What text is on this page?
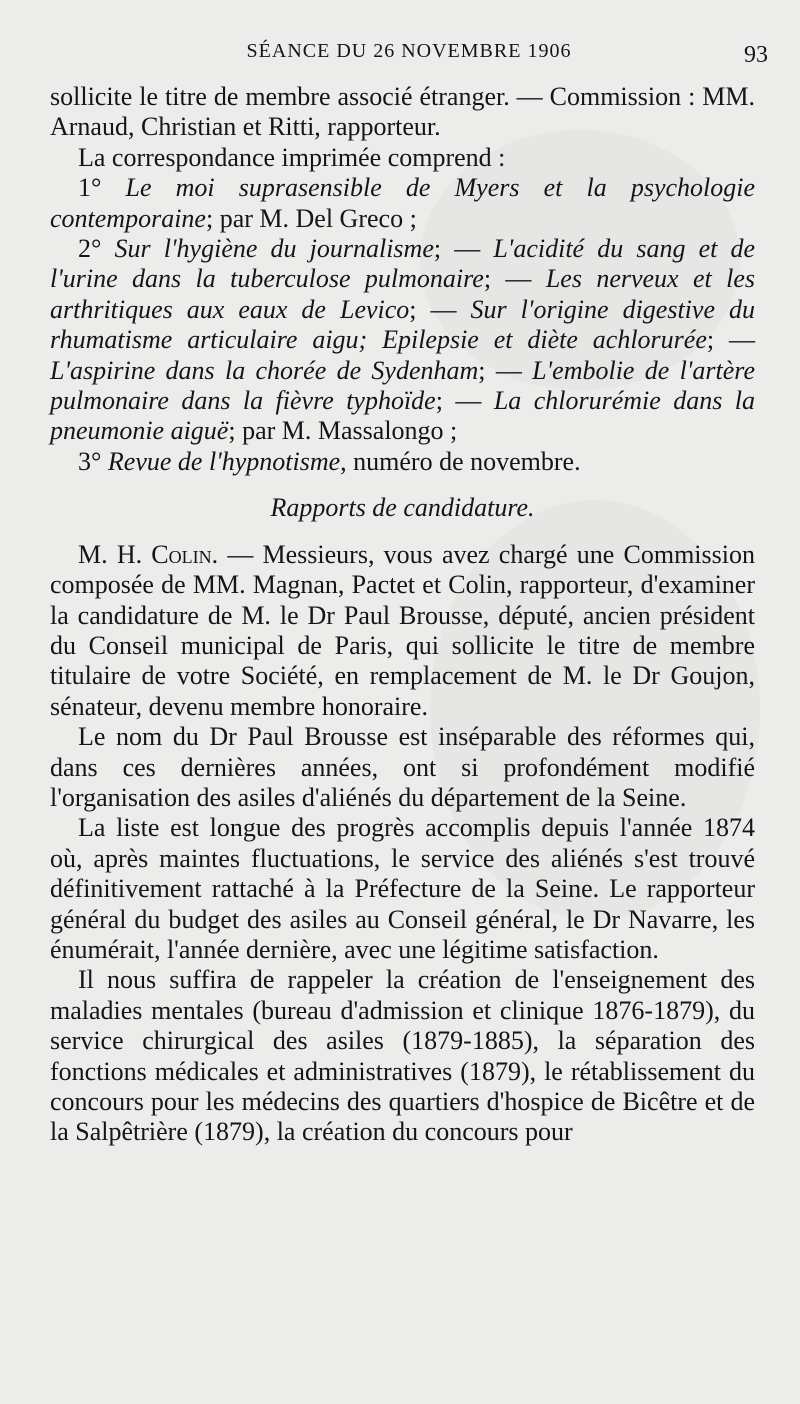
SÉANCE DU 26 NOVEMBRE 1906	93

sollicite le titre de membre associé étranger. — Commission : MM. Arnaud, Christian et Ritti, rapporteur.

La correspondance imprimée comprend :

1° Le moi suprasensible de Myers et la psychologie contemporaine; par M. Del Greco ;

2° Sur l'hygiène du journalisme; — L'acidité du sang et de l'urine dans la tuberculose pulmonaire; — Les nerveux et les arthritiques aux eaux de Levico; — Sur l'origine digestive du rhumatisme articulaire aigu; Epilepsie et diète achlorurée; — L'aspirine dans la chorée de Sydenham; — L'embolie de l'artère pulmonaire dans la fièvre typhoïde; — La chlorurémie dans la pneumonie aiguë; par M. Massalongo ;

3° Revue de l'hypnotisme, numéro de novembre.

Rapports de candidature.

M. H. Colin. — Messieurs, vous avez chargé une Commission composée de MM. Magnan, Pactet et Colin, rapporteur, d'examiner la candidature de M. le Dr Paul Brousse, député, ancien président du Conseil municipal de Paris, qui sollicite le titre de membre titulaire de votre Société, en remplacement de M. le Dr Goujon, sénateur, devenu membre honoraire.

Le nom du Dr Paul Brousse est inséparable des réformes qui, dans ces dernières années, ont si profondément modifié l'organisation des asiles d'aliénés du département de la Seine.

La liste est longue des progrès accomplis depuis l'année 1874 où, après maintes fluctuations, le service des aliénés s'est trouvé définitivement rattaché à la Préfecture de la Seine. Le rapporteur général du budget des asiles au Conseil général, le Dr Navarre, les énumérait, l'année dernière, avec une légitime satisfaction.

Il nous suffira de rappeler la création de l'enseignement des maladies mentales (bureau d'admission et clinique 1876-1879), du service chirurgical des asiles (1879-1885), la séparation des fonctions médicales et administratives (1879), le rétablissement du concours pour les médecins des quartiers d'hospice de Bicêtre et de la Salpêtrière (1879), la création du concours pour
